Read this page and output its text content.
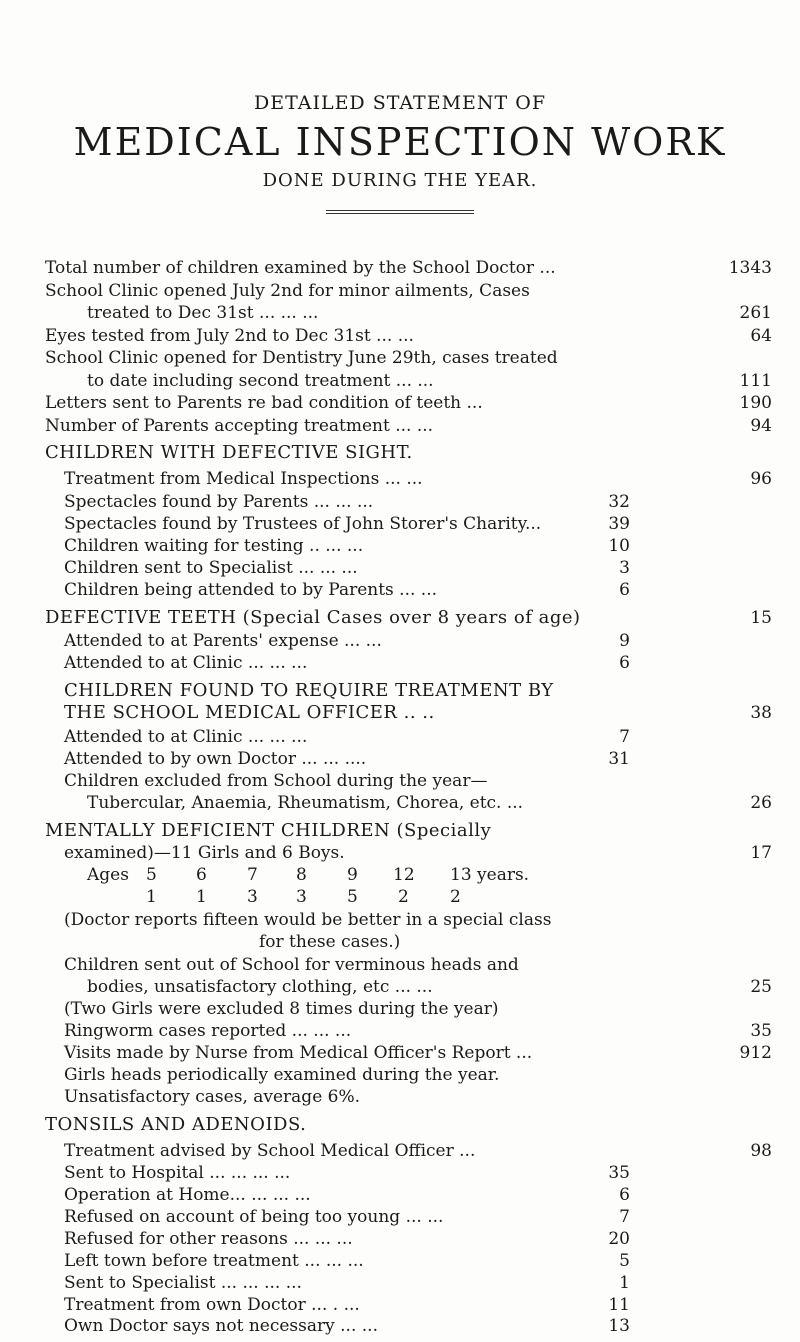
DETAILED STATEMENT OF
MEDICAL INSPECTION WORK
DONE DURING THE YEAR.
Total number of children examined by the School Doctor ...	1343
School Clinic opened July 2nd for minor ailments, Cases
treated to Dec 31st ... ... ...	261
Eyes tested from July 2nd to Dec 31st ... ...	64
School Clinic opened for Dentistry June 29th, cases treated
to date including second treatment ... ...	111
Letters sent to Parents re bad condition of teeth ...	190
Number of Parents accepting treatment ... ...	94
CHILDREN WITH DEFECTIVE SIGHT.
Treatment from Medical Inspections ... ...	96
Spectacles found by Parents ... ... ...	32
Spectacles found by Trustees of John Storer's Charity...	39
Children waiting for testing .. ... ...	10
Children sent to Specialist ... ... ...	3
Children being attended to by Parents ... ...	6
DEFECTIVE TEETH (Special Cases over 8 years of age)	15
Attended to at Parents' expense ... ...	9
Attended to at Clinic ... ... ...	6
CHILDREN FOUND TO REQUIRE TREATMENT BY
THE SCHOOL MEDICAL OFFICER .. ..	38
Attended to at Clinic ... ... ...	7
Attended to by own Doctor ... ... ....	31
Children excluded from School during the year—
Tubercular, Anaemia, Rheumatism, Chorea, etc. ...	26
MENTALLY DEFICIENT CHILDREN (Specially
examined)—11 Girls and 6 Boys.	17
Ages 5 6 7 8 9 12 13 years.
1 1 3 3 5 2 2
(Doctor reports fifteen would be better in a special class
for these cases.)
Children sent out of School for verminous heads and
bodies, unsatisfactory clothing, etc ... ...	25
(Two Girls were excluded 8 times during the year)
Ringworm cases reported ... ... ...	35
Visits made by Nurse from Medical Officer's Report ...	912
Girls heads periodically examined during the year.
Unsatisfactory cases, average 6%.
TONSILS AND ADENOIDS.
Treatment advised by School Medical Officer ...	98
Sent to Hospital ... ... ... ...	35
Operation at Home... ... ... ...	6
Refused on account of being too young ... ...	7
Refused for other reasons ... ... ...	20
Left town before treatment ... ... ...	5
Sent to Specialist ... ... ... ...	1
Treatment from own Doctor ... . ...	11
Own Doctor says not necessary ... ...	13
